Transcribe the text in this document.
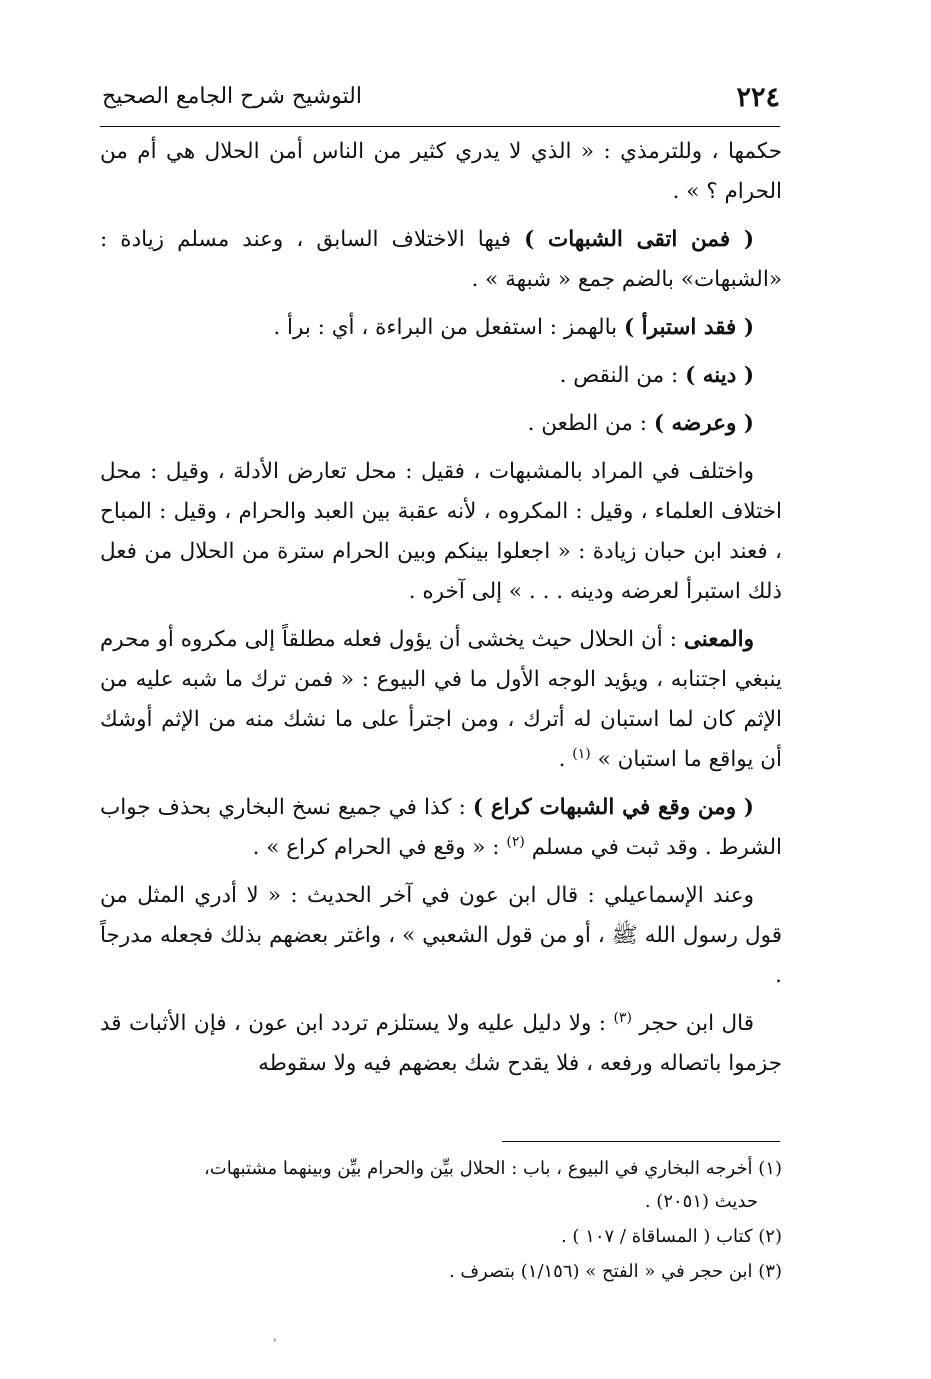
٢٢٤
التوشيح شرح الجامع الصحيح

حكمها ، وللترمذي : « الذي لا يدري كثير من الناس أمن الحلال هي أم من الحرام ؟ » .

( فمن اتقى الشبهات ) فيها الاختلاف السابق ، وعند مسلم زيادة : «الشبهات» بالضم جمع « شبهة » .

( فقد استبرأ ) بالهمز : استفعل من البراءة ، أي : برأ .

( دينه ) : من النقص .

( وعرضه ) : من الطعن .

واختلف في المراد بالمشبهات ، فقيل : محل تعارض الأدلة ، وقيل : محل اختلاف العلماء ، وقيل : المكروه ، لأنه عقبة بين العبد والحرام ، وقيل : المباح ، فعند ابن حبان زيادة : « اجعلوا بينكم وبين الحرام سترة من الحلال من فعل ذلك استبرأ لعرضه ودينه . . . » إلى آخره .

والمعنى : أن الحلال حيث يخشى أن يؤول فعله مطلقاً إلى مكروه أو محرم ينبغي اجتنابه ، ويؤيد الوجه الأول ما في البيوع : « فمن ترك ما شبه عليه من الإثم كان لما استبان له أترك ، ومن اجترأ على ما نشك منه من الإثم أوشك أن يواقع ما استبان » $^{(١)}$ .

( ومن وقع في الشبهات كراع ) : كذا في جميع نسخ البخاري بحذف جواب الشرط . وقد ثبت في مسلم $^{(٢)}$ : « وقع في الحرام كراع » .

وعند الإسماعيلي : قال ابن عون في آخر الحديث : « لا أدري المثل من قول رسول الله ﷺ ، أو من قول الشعبي » ، واغتر بعضهم بذلك فجعله مدرجاً .

قال ابن حجر $^{(٣)}$ : ولا دليل عليه ولا يستلزم تردد ابن عون ، فإن الأثبات قد جزموا باتصاله ورفعه ، فلا يقدح شك بعضهم فيه ولا سقوطه

(١) أخرجه البخاري في البيوع ، باب : الحلال بيِّن والحرام بيِّن وبينهما مشتبهات،
حديث (٢٠٥١) .
(٢) كتاب ( المساقاة / ١٠٧ ) .
(٣) ابن حجر في « الفتح » (١/١٥٦) بتصرف .
ʼ
